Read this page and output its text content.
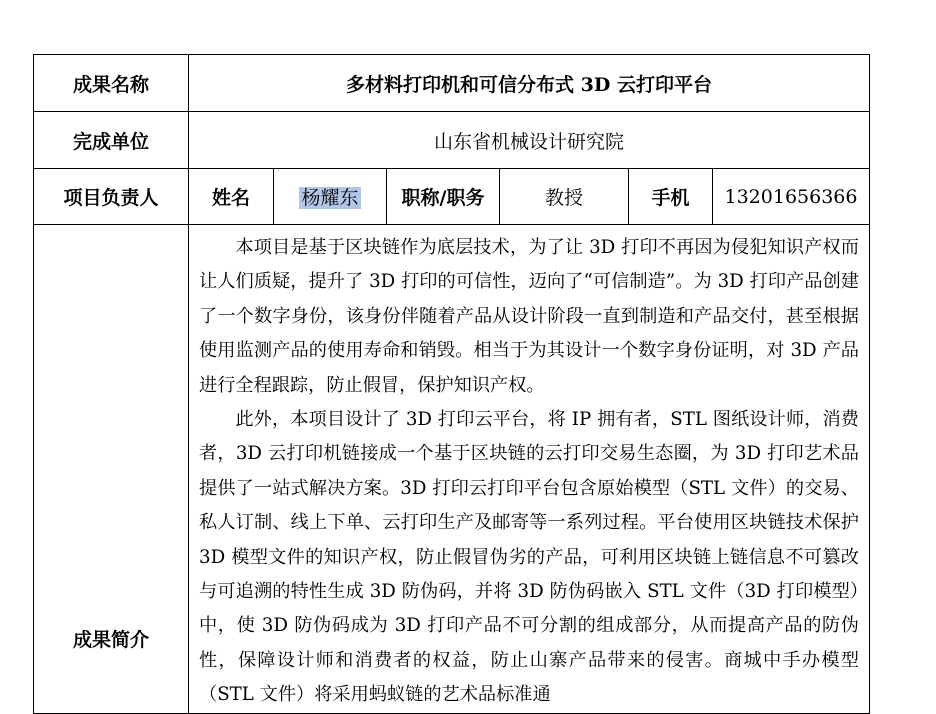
成果名称	多材料打印机和可信分布式 3D 云打印平台					
完成单位	山东省机械设计研究院					
项目负责人	姓名	杨耀东	职称/职务	教授	手机	13201656366
成果简介	本项目是基于区块链作为底层技术，为了让 3D 打印不再因为侵犯知识产权而让人们质疑，提升了 3D 打印的可信性，迈向了“可信制造”。为 3D 打印产品创建了一个数字身份，该身份伴随着产品从设计阶段一直到制造和产品交付，甚至根据使用监测产品的使用寿命和销毁。相当于为其设计一个数字身份证明，对 3D 产品进行全程跟踪，防止假冒，保护知识产权。

此外，本项目设计了 3D 打印云平台，将 IP 拥有者，STL 图纸设计师，消费者，3D 云打印机链接成一个基于区块链的云打印交易生态圈，为 3D 打印艺术品提供了一站式解决方案。3D 打印云打印平台包含原始模型（STL 文件）的交易、私人订制、线上下单、云打印生产及邮寄等一系列过程。平台使用区块链技术保护 3D 模型文件的知识产权，防止假冒伪劣的产品，可利用区块链上链信息不可篡改与可追溯的特性生成 3D 防伪码，并将 3D 防伪码嵌入 STL 文件（3D 打印模型）中，使 3D 防伪码成为 3D 打印产品不可分割的组成部分，从而提高产品的防伪性，保障设计师和消费者的权益，防止山寨产品带来的侵害。商城中手办模型（STL 文件）将采用蚂蚁链的艺术品标准通					
